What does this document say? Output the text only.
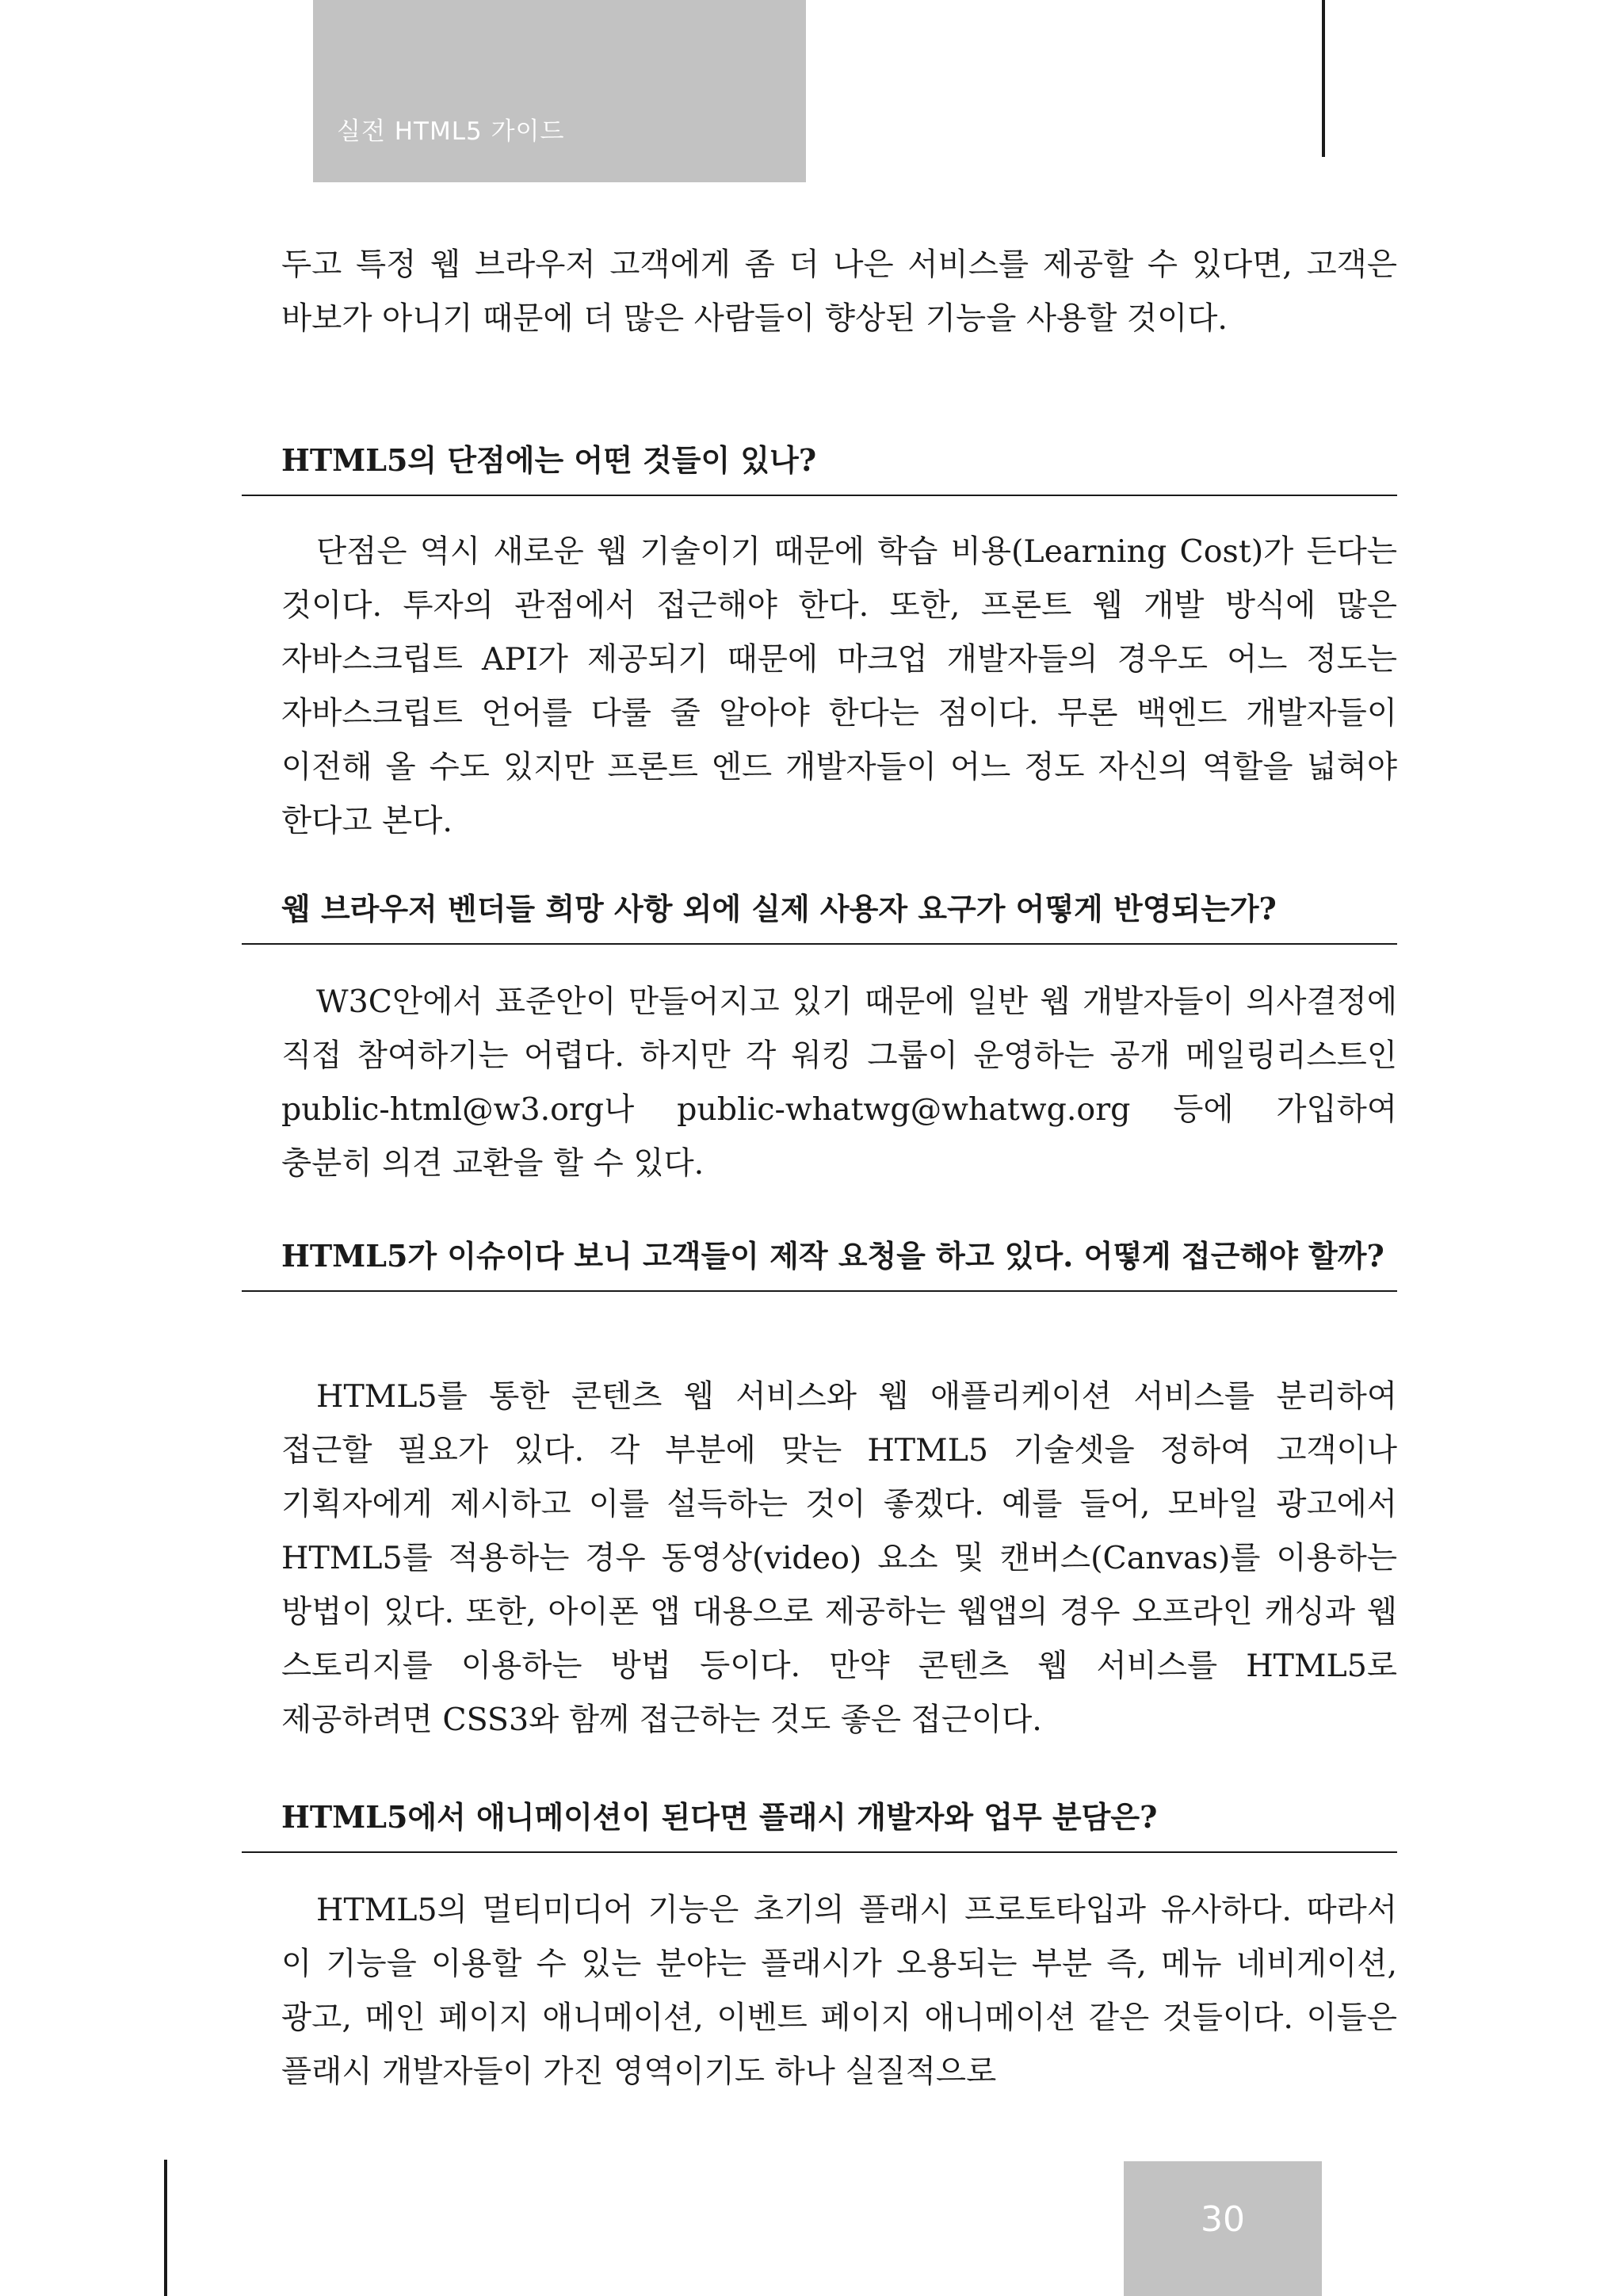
실전 HTML5 가이드

두고 특정 웹 브라우저 고객에게 좀 더 나은 서비스를 제공할 수 있다면, 고객은 바보가 아니기 때문에 더 많은 사람들이 향상된 기능을 사용할 것이다.

HTML5의 단점에는 어떤 것들이 있나?

단점은 역시 새로운 웹 기술이기 때문에 학습 비용(Learning Cost)가 든다는 것이다. 투자의 관점에서 접근해야 한다. 또한, 프론트 웹 개발 방식에 많은 자바스크립트 API가 제공되기 때문에 마크업 개발자들의 경우도 어느 정도는 자바스크립트 언어를 다룰 줄 알아야 한다는 점이다. 무론 백엔드 개발자들이 이전해 올 수도 있지만 프론트 엔드 개발자들이 어느 정도 자신의 역할을 넓혀야 한다고 본다.

웹 브라우저 벤더들 희망 사항 외에 실제 사용자 요구가 어떻게 반영되는가?

W3C안에서 표준안이 만들어지고 있기 때문에 일반 웹 개발자들이 의사결정에 직접 참여하기는 어렵다. 하지만 각 워킹 그룹이 운영하는 공개 메일링리스트인 public-html@w3.org나 public-whatwg@whatwg.org 등에 가입하여 충분히 의견 교환을 할 수 있다.

HTML5가 이슈이다 보니 고객들이 제작 요청을 하고 있다. 어떻게 접근해야 할까?

HTML5를 통한 콘텐츠 웹 서비스와 웹 애플리케이션 서비스를 분리하여 접근할 필요가 있다. 각 부분에 맞는 HTML5 기술셋을 정하여 고객이나 기획자에게 제시하고 이를 설득하는 것이 좋겠다. 예를 들어, 모바일 광고에서 HTML5를 적용하는 경우 동영상(video) 요소 및 캔버스(Canvas)를 이용하는 방법이 있다. 또한, 아이폰 앱 대용으로 제공하는 웹앱의 경우 오프라인 캐싱과 웹 스토리지를 이용하는 방법 등이다. 만약 콘텐츠 웹 서비스를 HTML5로 제공하려면 CSS3와 함께 접근하는 것도 좋은 접근이다.

HTML5에서 애니메이션이 된다면 플래시 개발자와 업무 분담은?

HTML5의 멀티미디어 기능은 초기의 플래시 프로토타입과 유사하다. 따라서 이 기능을 이용할 수 있는 분야는 플래시가 오용되는 부분 즉, 메뉴 네비게이션, 광고, 메인 페이지 애니메이션, 이벤트 페이지 애니메이션 같은 것들이다. 이들은 플래시 개발자들이 가진 영역이기도 하나 실질적으로

30
